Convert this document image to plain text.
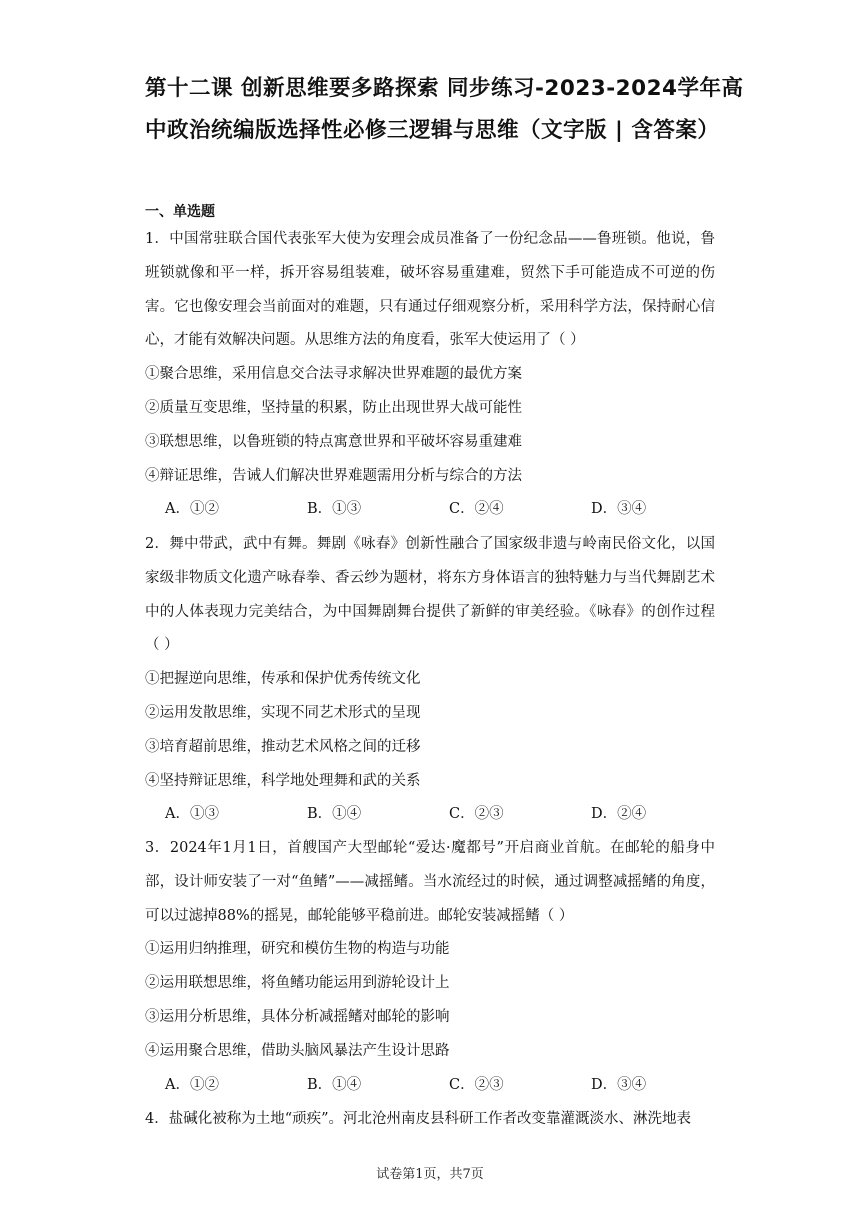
第十二课 创新思维要多路探索 同步练习-2023-2024学年高
中政治统编版选择性必修三逻辑与思维（文字版 | 含答案）
一、单选题
1．中国常驻联合国代表张军大使为安理会成员准备了一份纪念品——鲁班锁。他说，鲁班锁就像和平一样，拆开容易组装难，破坏容易重建难，贸然下手可能造成不可逆的伤害。它也像安理会当前面对的难题，只有通过仔细观察分析，采用科学方法，保持耐心信心，才能有效解决问题。从思维方法的角度看，张军大使运用了（ ）
①聚合思维，采用信息交合法寻求解决世界难题的最优方案
②质量互变思维，坚持量的积累，防止出现世界大战可能性
③联想思维，以鲁班锁的特点寓意世界和平破坏容易重建难
④辩证思维，告诫人们解决世界难题需用分析与综合的方法
A．①②	B．①③	C．②④	D．③④
2．舞中带武，武中有舞。舞剧《咏春》创新性融合了国家级非遗与岭南民俗文化，以国家级非物质文化遗产咏春拳、香云纱为题材，将东方身体语言的独特魅力与当代舞剧艺术中的人体表现力完美结合，为中国舞剧舞台提供了新鲜的审美经验。《咏春》的创作过程（ ）
①把握逆向思维，传承和保护优秀传统文化
②运用发散思维，实现不同艺术形式的呈现
③培育超前思维，推动艺术风格之间的迁移
④坚持辩证思维，科学地处理舞和武的关系
A．①③	B．①④	C．②③	D．②④
3．2024年1月1日，首艘国产大型邮轮“爱达·魔都号”开启商业首航。在邮轮的船身中部，设计师安装了一对“鱼鳍”——减摇鳍。当水流经过的时候，通过调整减摇鳍的角度，可以过滤掉88%的摇晃，邮轮能够平稳前进。邮轮安装减摇鳍（ ）
①运用归纳推理，研究和模仿生物的构造与功能
②运用联想思维，将鱼鳍功能运用到游轮设计上
③运用分析思维，具体分析减摇鳍对邮轮的影响
④运用聚合思维，借助头脑风暴法产生设计思路
A．①②	B．①④	C．②③	D．③④
4．盐碱化被称为土地“顽疾”。河北沧州南皮县科研工作者改变靠灌溉淡水、淋洗地表
试卷第1页，共7页
